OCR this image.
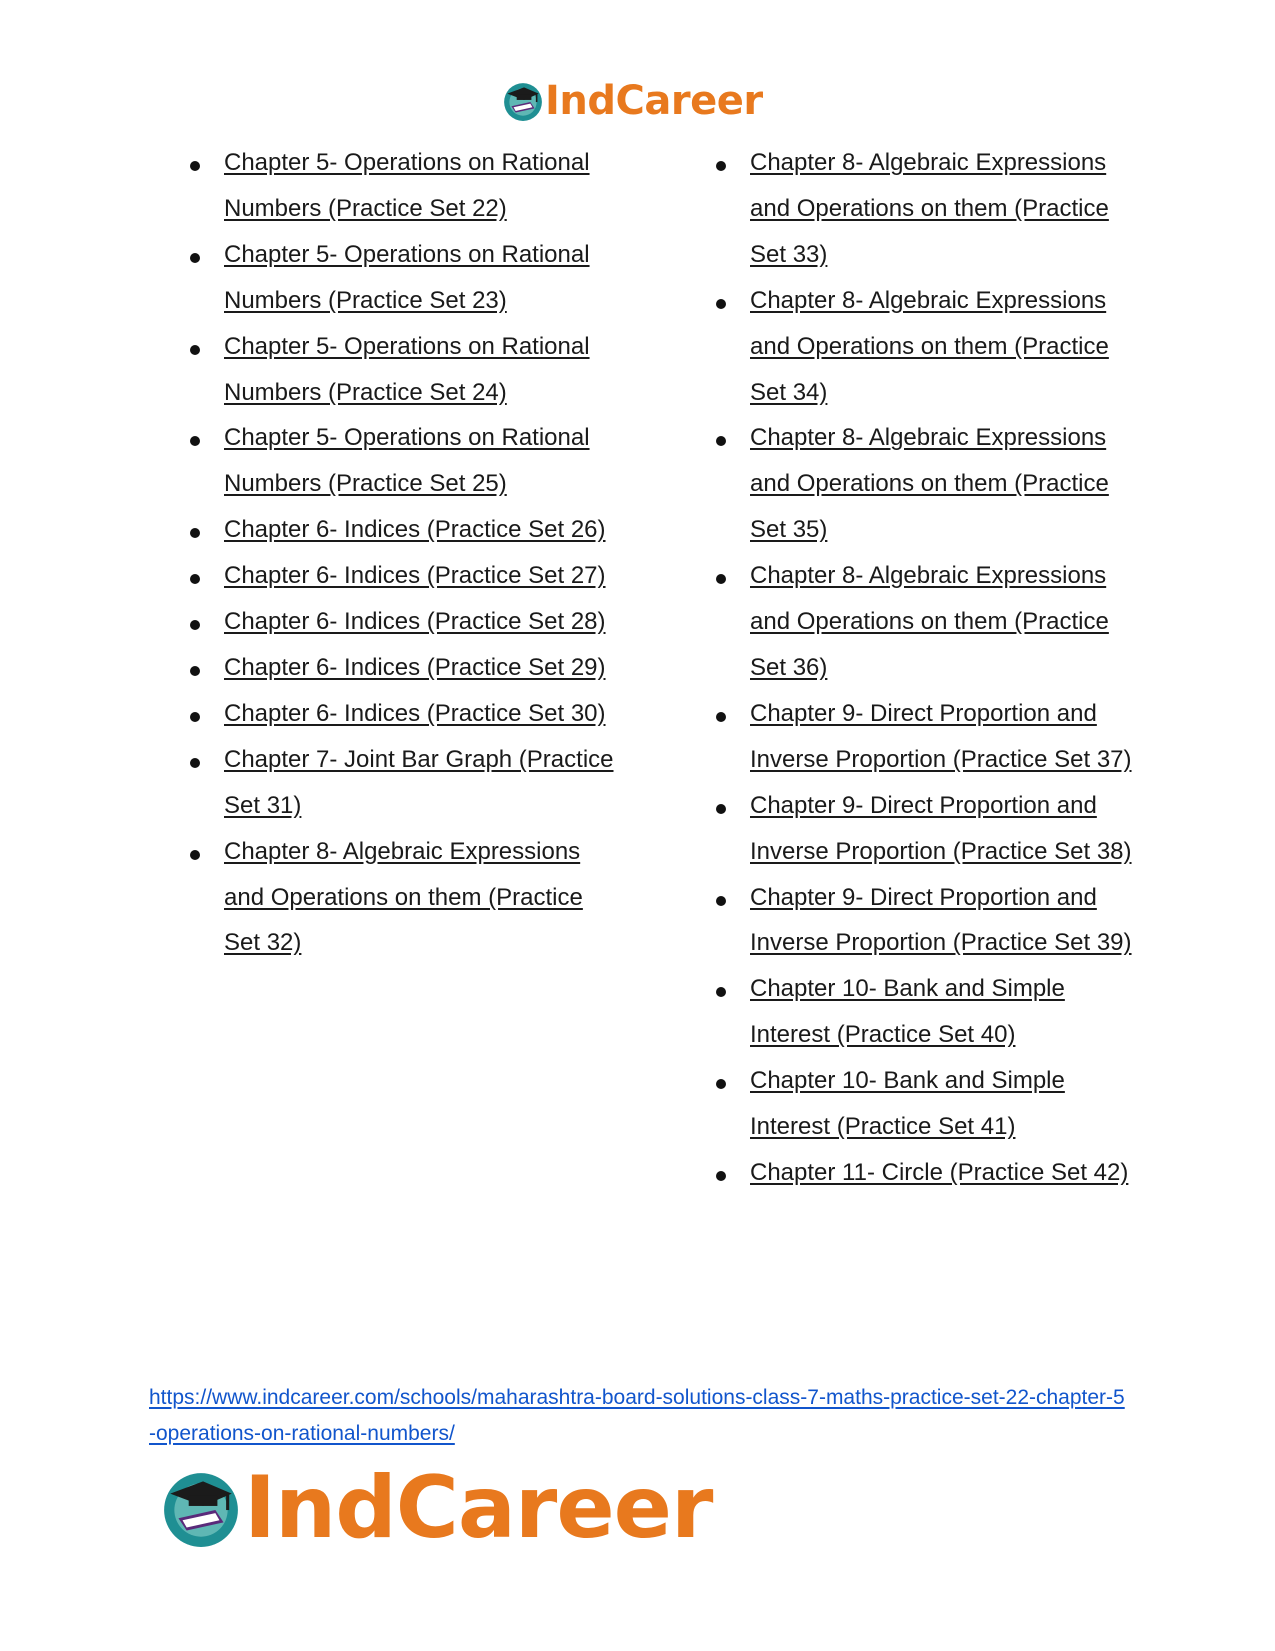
IndCareer
Chapter 5- Operations on Rational Numbers (Practice Set 22)
Chapter 5- Operations on Rational Numbers (Practice Set 23)
Chapter 5- Operations on Rational Numbers (Practice Set 24)
Chapter 5- Operations on Rational Numbers (Practice Set 25)
Chapter 6- Indices (Practice Set 26)
Chapter 6- Indices (Practice Set 27)
Chapter 6- Indices (Practice Set 28)
Chapter 6- Indices (Practice Set 29)
Chapter 6- Indices (Practice Set 30)
Chapter 7- Joint Bar Graph (Practice Set 31)
Chapter 8- Algebraic Expressions and Operations on them (Practice Set 32)
Chapter 8- Algebraic Expressions and Operations on them (Practice Set 33)
Chapter 8- Algebraic Expressions and Operations on them (Practice Set 34)
Chapter 8- Algebraic Expressions and Operations on them (Practice Set 35)
Chapter 8- Algebraic Expressions and Operations on them (Practice Set 36)
Chapter 9- Direct Proportion and Inverse Proportion (Practice Set 37)
Chapter 9- Direct Proportion and Inverse Proportion (Practice Set 38)
Chapter 9- Direct Proportion and Inverse Proportion (Practice Set 39)
Chapter 10- Bank and Simple Interest (Practice Set 40)
Chapter 10- Bank and Simple Interest (Practice Set 41)
Chapter 11- Circle (Practice Set 42)
https://www.indcareer.com/schools/maharashtra-board-solutions-class-7-maths-practice-set-22-chapter-5-operations-on-rational-numbers/
IndCareer
